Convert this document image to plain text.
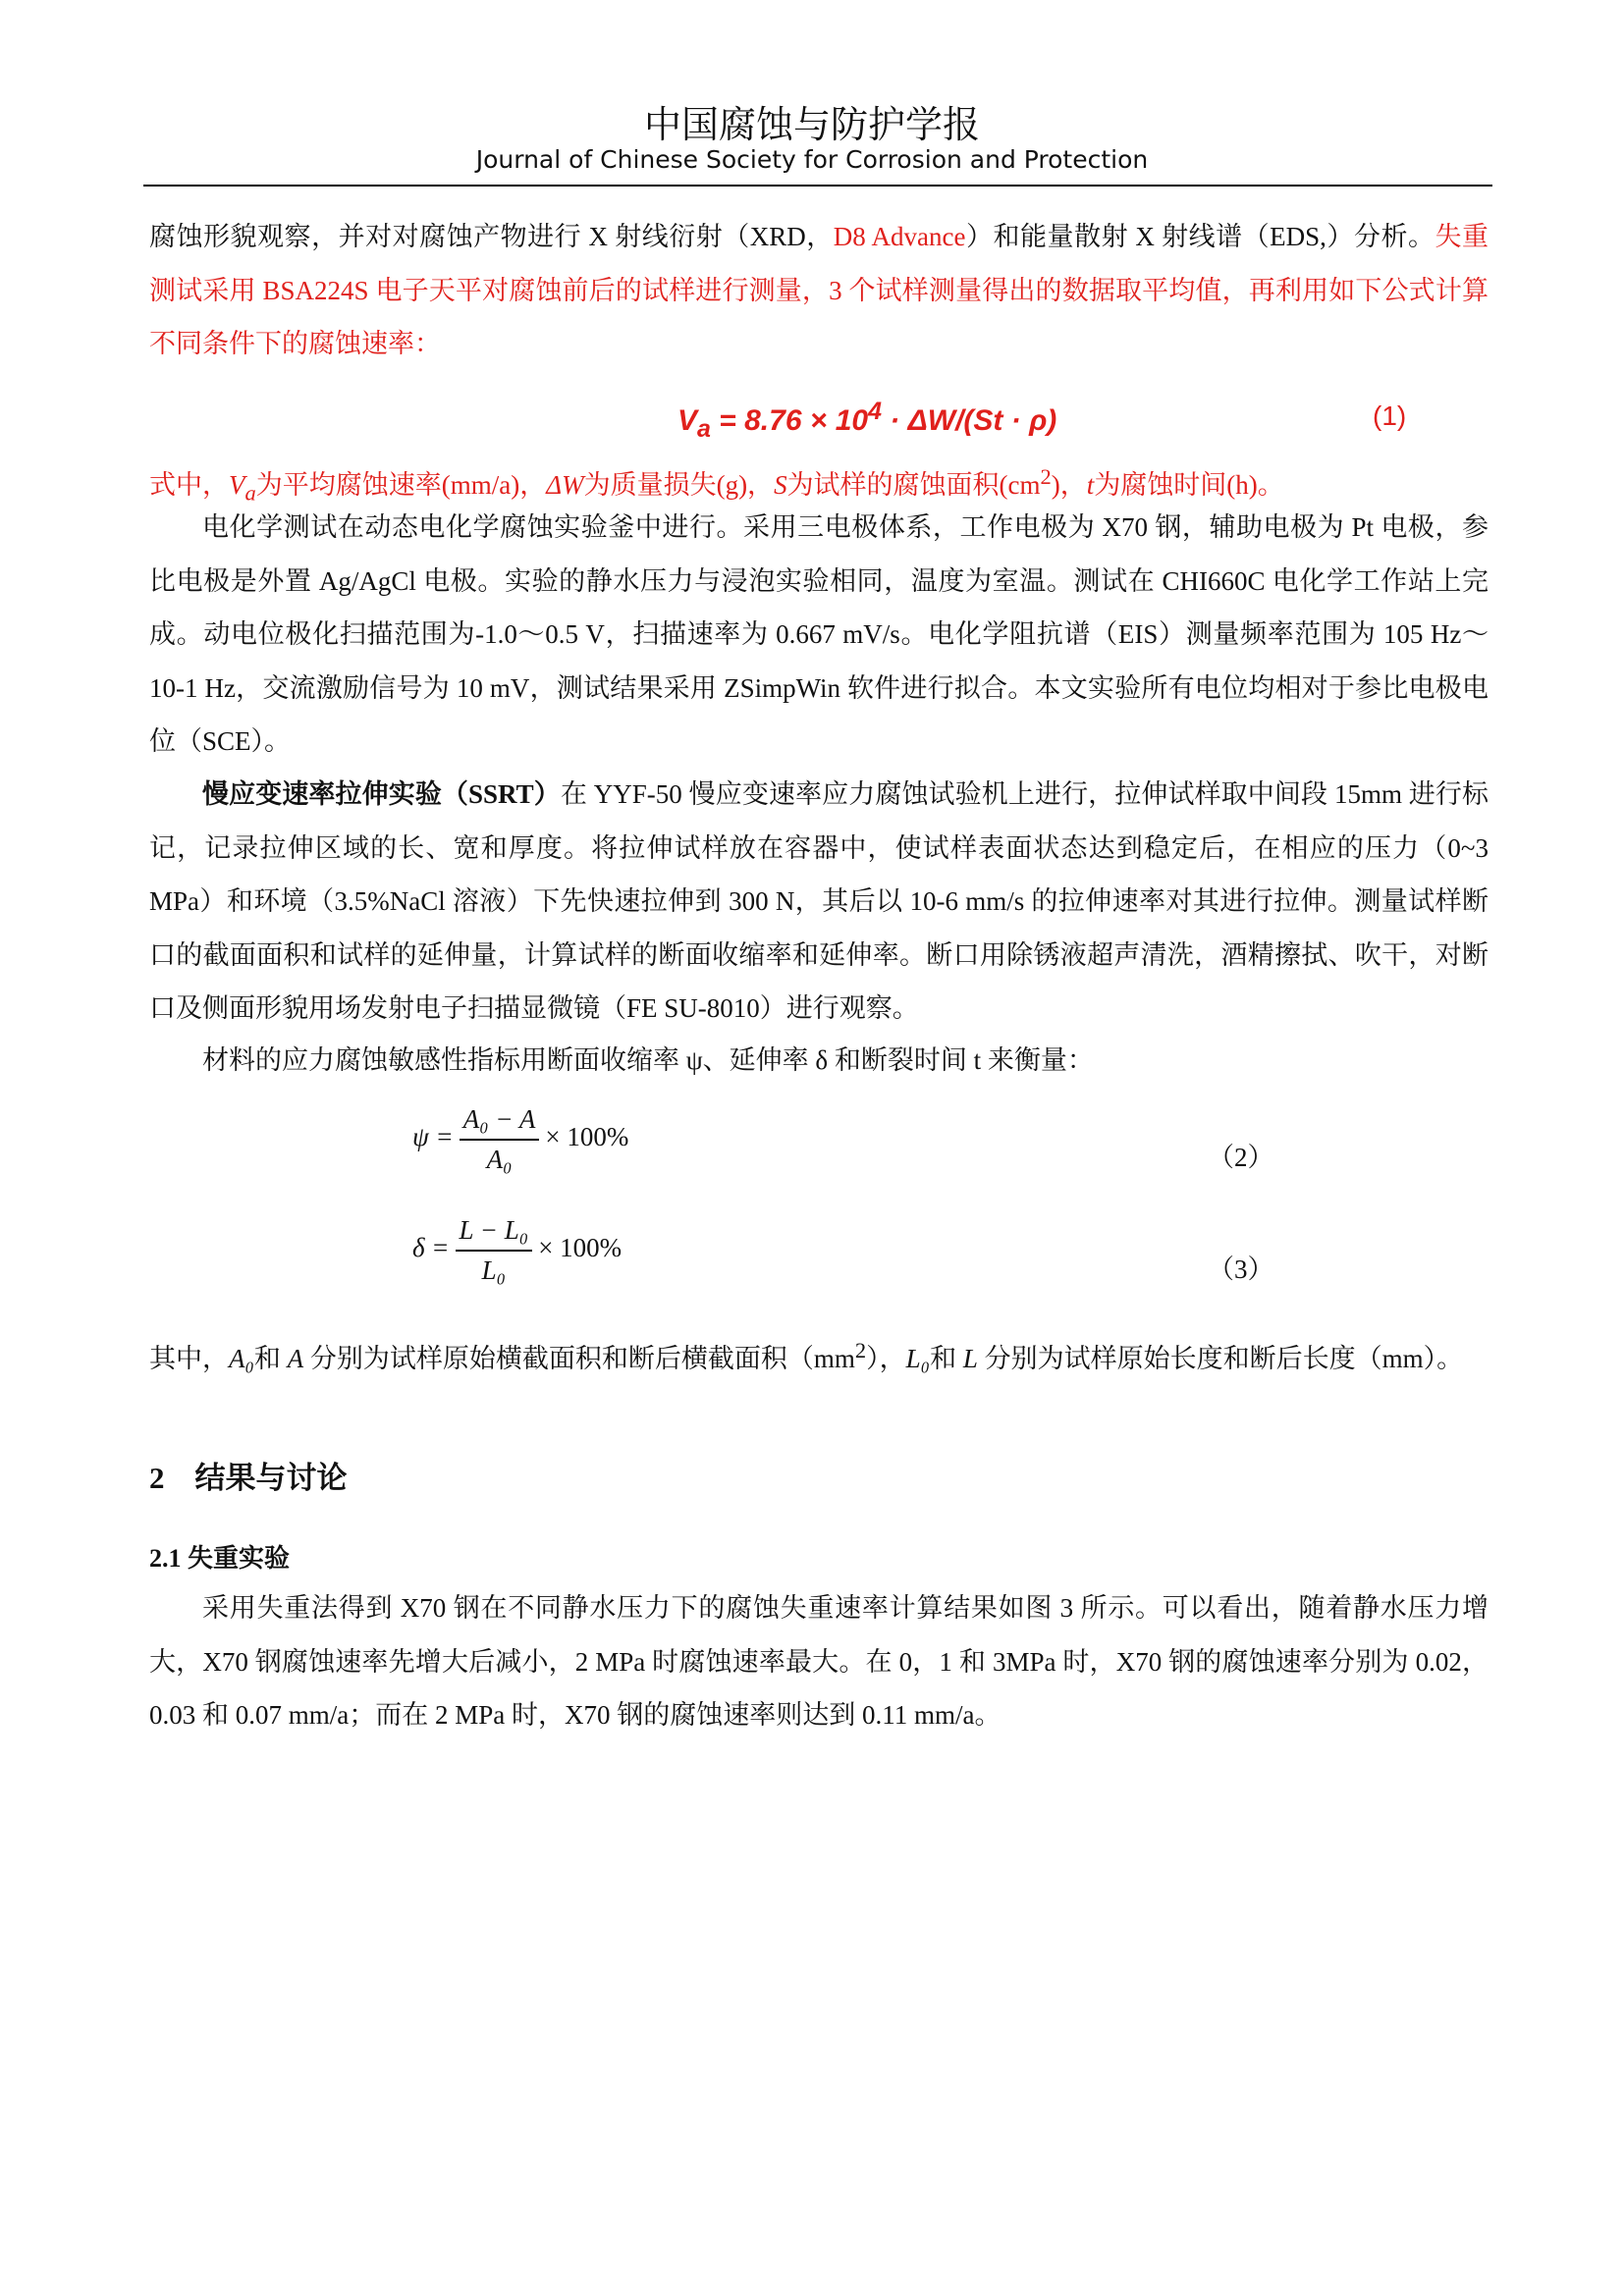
中国腐蚀与防护学报
Journal of Chinese Society for Corrosion and Protection
腐蚀形貌观察，并对对腐蚀产物进行 X 射线衍射（XRD，D8 Advance）和能量散射 X 射线谱（EDS,）分析。失重测试采用 BSA224S 电子天平对腐蚀前后的试样进行测量，3 个试样测量得出的数据取平均值，再利用如下公式计算不同条件下的腐蚀速率：
$V_a = 8.76 \times 10^4 \cdot \Delta W/(St \cdot \rho)$	(1)
式中，$V_a$为平均腐蚀速率(mm/a)，ΔW为质量损失(g)，S为试样的腐蚀面积$(cm^2)$，t为腐蚀时间(h)。
电化学测试在动态电化学腐蚀实验釜中进行。采用三电极体系，工作电极为 X70 钢，辅助电极为 Pt 电极，参比电极是外置 Ag/AgCl 电极。实验的静水压力与浸泡实验相同，温度为室温。测试在 CHI660C 电化学工作站上完成。动电位极化扫描范围为-1.0～0.5 V，扫描速率为 0.667 mV/s。电化学阻抗谱（EIS）测量频率范围为 105 Hz～10-1 Hz，交流激励信号为 10 mV，测试结果采用 ZSimpWin 软件进行拟合。本文实验所有电位均相对于参比电极电位（SCE）。
慢应变速率拉伸实验（SSRT）在 YYF-50 慢应变速率应力腐蚀试验机上进行，拉伸试样取中间段 15mm 进行标记，记录拉伸区域的长、宽和厚度。将拉伸试样放在容器中，使试样表面状态达到稳定后，在相应的压力（0~3 MPa）和环境（3.5%NaCl 溶液）下先快速拉伸到 300 N，其后以 10-6 mm/s 的拉伸速率对其进行拉伸。测量试样断口的截面面积和试样的延伸量，计算试样的断面收缩率和延伸率。断口用除锈液超声清洗，酒精擦拭、吹干，对断口及侧面形貌用场发射电子扫描显微镜（FE SU-8010）进行观察。
材料的应力腐蚀敏感性指标用断面收缩率 ψ、延伸率 δ 和断裂时间 t 来衡量：
$\psi = \frac{\text{A₀ − A}}{\text{A₀}} \times 100\%$
（2）
$\delta = \frac{\text{L − L₀}}{\text{L₀}} \times 100\%$
（3）
其中，A₀和 A 分别为试样原始横截面积和断后横截面积$(mm^2)$，L₀和 L 分别为试样原始长度和断后长度（mm）。
2　结果与讨论
2.1 失重实验
采用失重法得到 X70 钢在不同静水压力下的腐蚀失重速率计算结果如图 3 所示。可以看出，随着静水压力增大，X70 钢腐蚀速率先增大后减小，2 MPa 时腐蚀速率最大。在 0，1 和 3MPa 时，X70 钢的腐蚀速率分别为 0.02，0.03 和 0.07 mm/a；而在 2 MPa 时，X70 钢的腐蚀速率则达到 0.11 mm/a。
